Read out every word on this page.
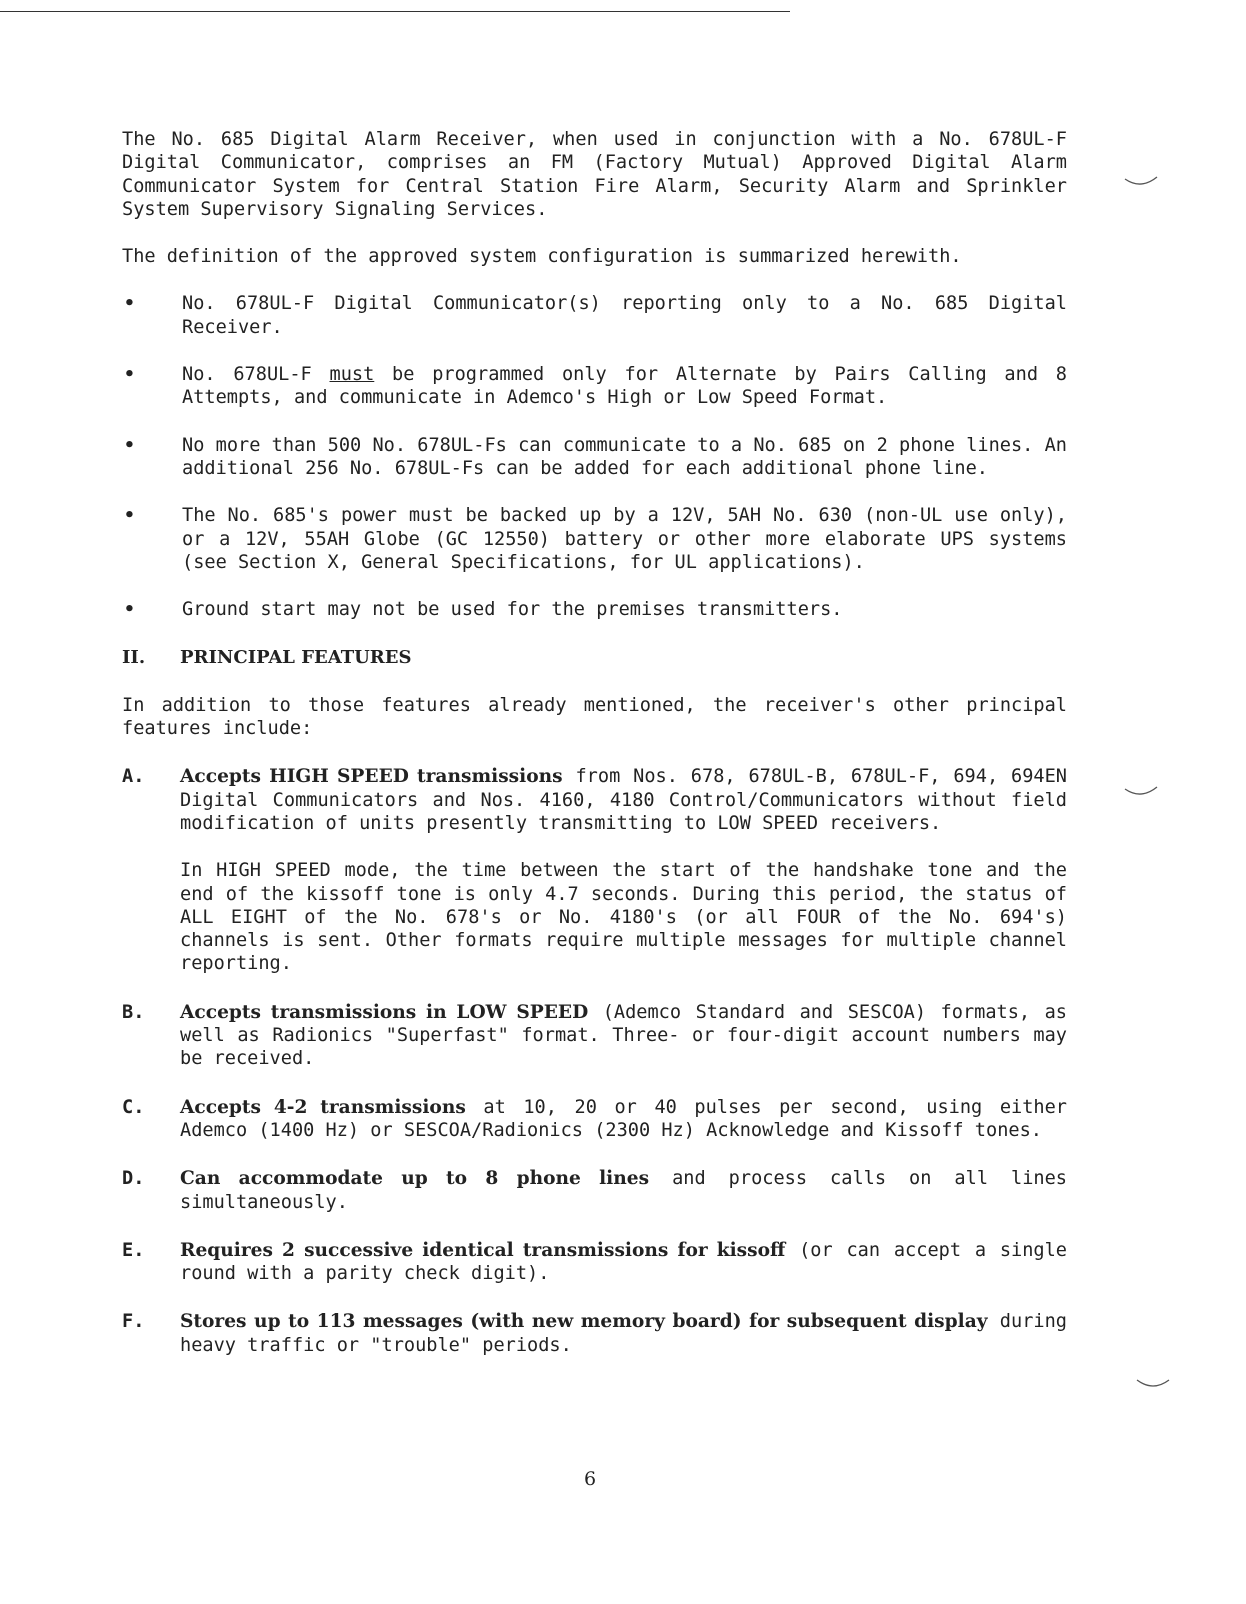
The No. 685 Digital Alarm Receiver, when used in conjunction with a No. 678UL-F Digital Communicator, comprises an FM (Factory Mutual) Approved Digital Alarm Communicator System for Central Station Fire Alarm, Security Alarm and Sprinkler System Supervisory Signaling Services.

The definition of the approved system configuration is summarized herewith.

•	No. 678UL-F Digital Communicator(s) reporting only to a No. 685 Digital Receiver.

•	No. 678UL-F must be programmed only for Alternate by Pairs Calling and 8 Attempts, and communicate in Ademco's High or Low Speed Format.

•	No more than 500 No. 678UL-Fs can communicate to a No. 685 on 2 phone lines. An additional 256 No. 678UL-Fs can be added for each additional phone line.

•	The No. 685's power must be backed up by a 12V, 5AH No. 630 (non-UL use only), or a 12V, 55AH Globe (GC 12550) battery or other more elaborate UPS systems (see Section X, General Specifications, for UL applications).

•	Ground start may not be used for the premises transmitters.

II.	PRINCIPAL FEATURES

In addition to those features already mentioned, the receiver's other principal features include:

A.	Accepts HIGH SPEED transmissions from Nos. 678, 678UL-B, 678UL-F, 694, 694EN Digital Communicators and Nos. 4160, 4180 Control/Communicators without field modification of units presently transmitting to LOW SPEED receivers.

In HIGH SPEED mode, the time between the start of the handshake tone and the end of the kissoff tone is only 4.7 seconds. During this period, the status of ALL EIGHT of the No. 678's or No. 4180's (or all FOUR of the No. 694's) channels is sent. Other formats require multiple messages for multiple channel reporting.

B.	Accepts transmissions in LOW SPEED (Ademco Standard and SESCOA) formats, as well as Radionics "Superfast" format. Three- or four-digit account numbers may be received.

C.	Accepts 4-2 transmissions at 10, 20 or 40 pulses per second, using either Ademco (1400 Hz) or SESCOA/Radionics (2300 Hz) Acknowledge and Kissoff tones.

D.	Can accommodate up to 8 phone lines and process calls on all lines simultaneously.

E.	Requires 2 successive identical transmissions for kissoff (or can accept a single round with a parity check digit).

F.	Stores up to 113 messages (with new memory board) for subsequent display during heavy traffic or "trouble" periods.

6
